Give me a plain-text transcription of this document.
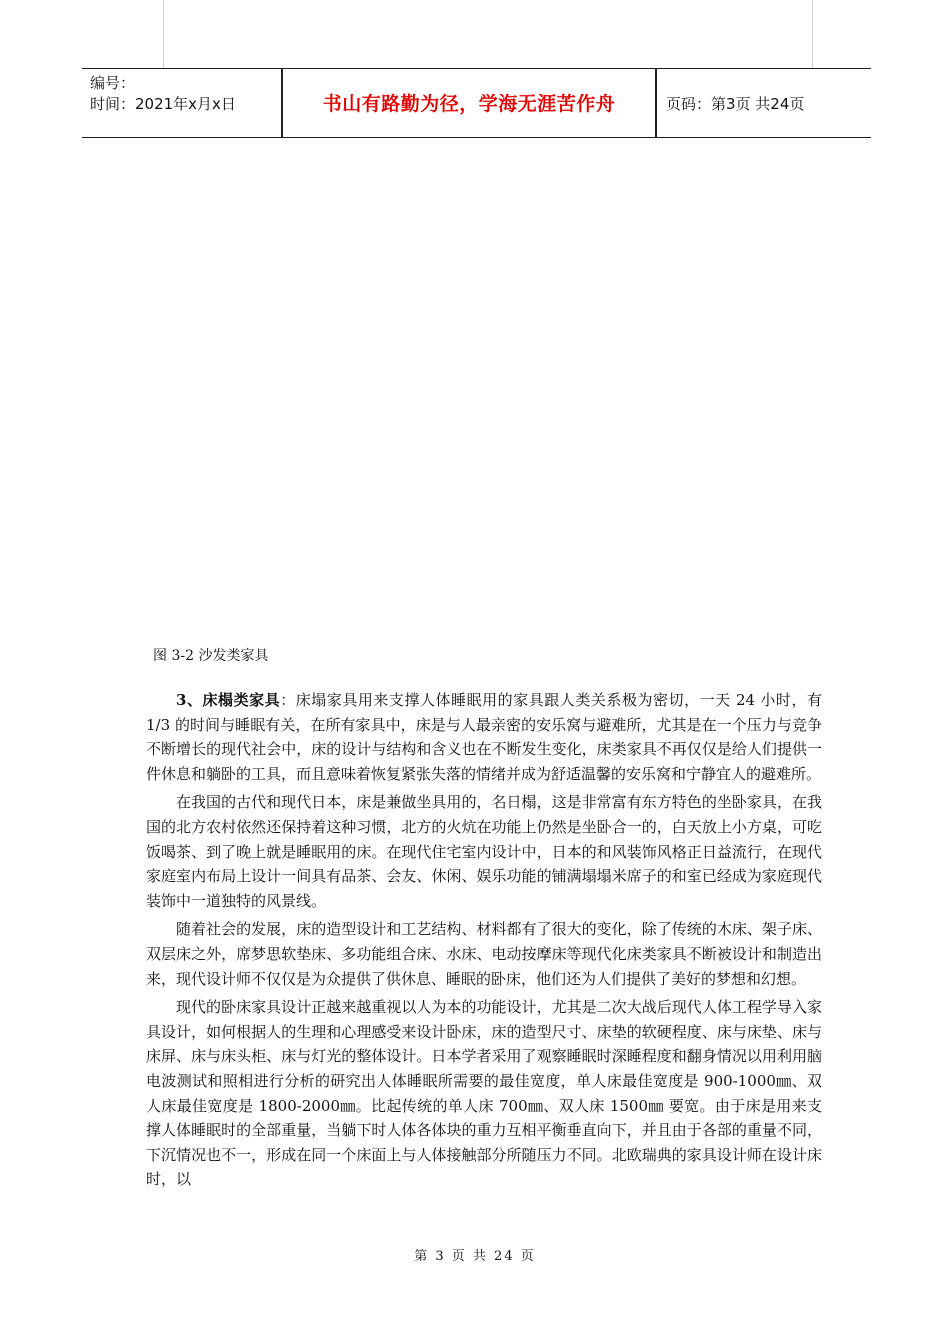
编号：
时间：2021年x月x日	书山有路勤为径，学海无涯苦作舟	页码：第3页 共24页
图 3-2 沙发类家具

3、床榻类家具：床塌家具用来支撑人体睡眠用的家具跟人类关系极为密切，一天 24 小时，有 1/3 的时间与睡眠有关，在所有家具中，床是与人最亲密的安乐窝与避难所，尤其是在一个压力与竞争不断增长的现代社会中，床的设计与结构和含义也在不断发生变化，床类家具不再仅仅是给人们提供一件休息和躺卧的工具，而且意味着恢复紧张失落的情绪并成为舒适温馨的安乐窝和宁静宜人的避难所。

在我国的古代和现代日本，床是兼做坐具用的，名日榻，这是非常富有东方特色的坐卧家具，在我国的北方农村依然还保持着这种习惯，北方的火炕在功能上仍然是坐卧合一的，白天放上小方桌，可吃饭喝茶、到了晚上就是睡眠用的床。在现代住宅室内设计中，日本的和风装饰风格正日益流行，在现代家庭室内布局上设计一间具有品茶、会友、休闲、娱乐功能的铺满塌塌米席子的和室已经成为家庭现代装饰中一道独特的风景线。

随着社会的发展，床的造型设计和工艺结构、材料都有了很大的变化，除了传统的木床、架子床、双层床之外，席梦思软垫床、多功能组合床、水床、电动按摩床等现代化床类家具不断被设计和制造出来，现代设计师不仅仅是为众提供了供休息、睡眠的卧床，他们还为人们提供了美好的梦想和幻想。

现代的卧床家具设计正越来越重视以人为本的功能设计，尤其是二次大战后现代人体工程学导入家具设计，如何根据人的生理和心理感受来设计卧床，床的造型尺寸、床垫的软硬程度、床与床垫、床与床屏、床与床头柜、床与灯光的整体设计。日本学者采用了观察睡眠时深睡程度和翻身情况以用利用脑电波测试和照相进行分析的研究出人体睡眠所需要的最佳宽度，单人床最佳宽度是 900-1000㎜、双人床最佳宽度是 1800-2000㎜。比起传统的单人床 700㎜、双人床 1500㎜ 要宽。由于床是用来支撑人体睡眠时的全部重量，当躺下时人体各体块的重力互相平衡垂直向下，并且由于各部的重量不同，下沉情况也不一，形成在同一个床面上与人体接触部分所随压力不同。北欧瑞典的家具设计师在设计床时，以

第 3 页 共 24 页
